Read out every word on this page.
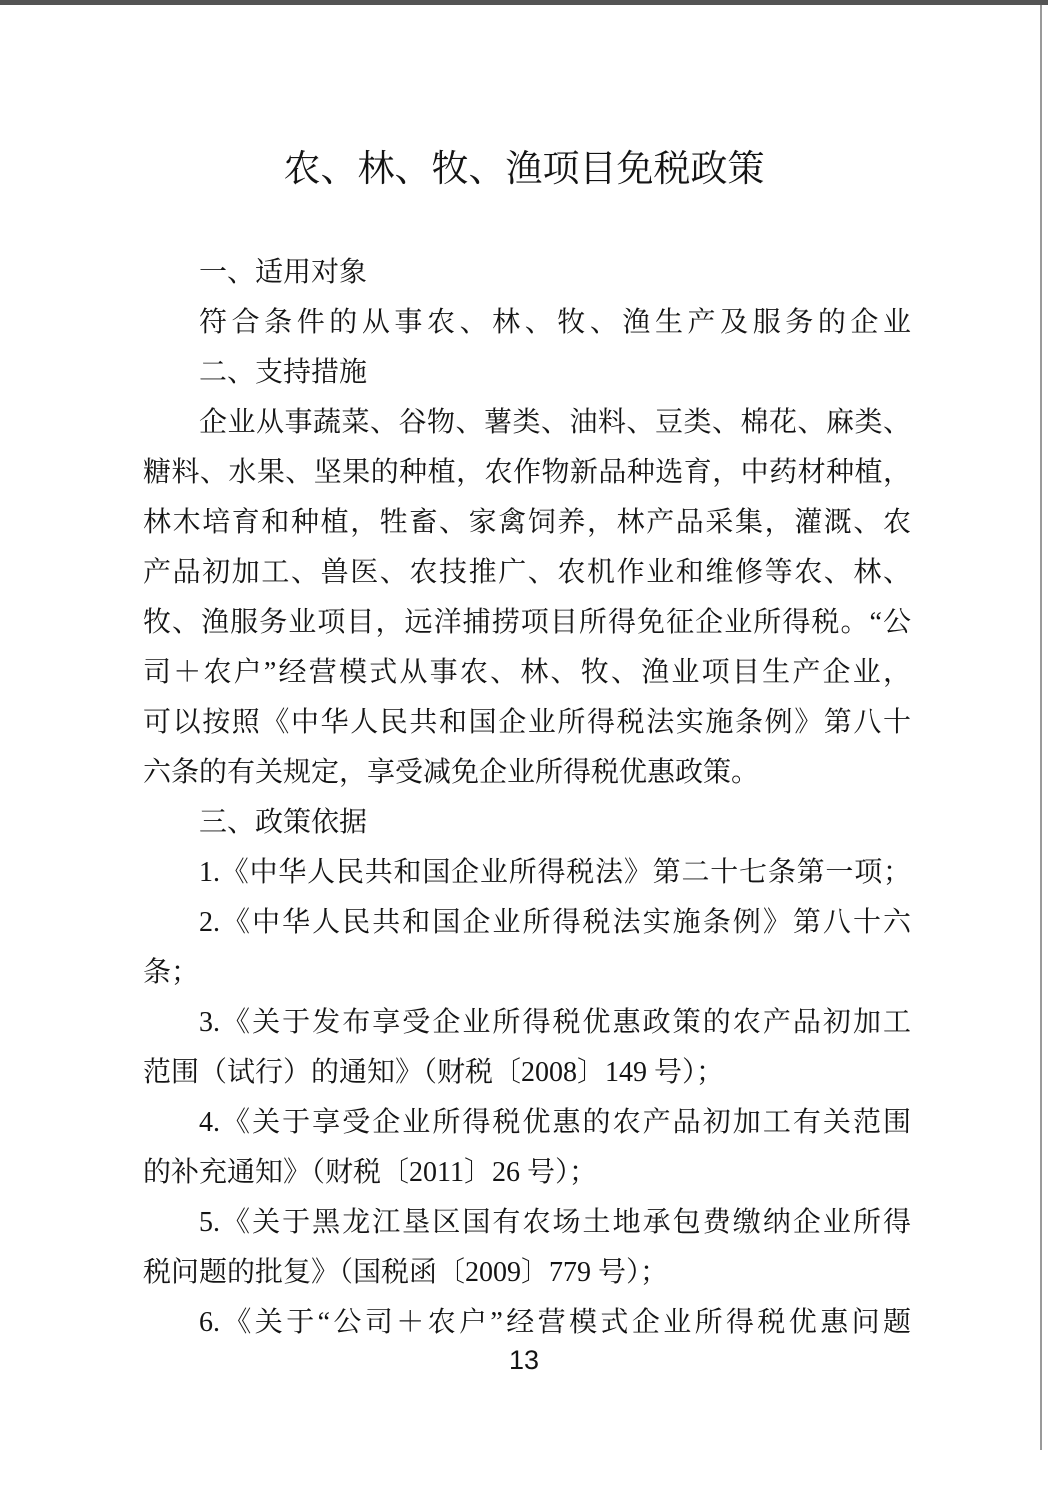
农、林、牧、渔项目免税政策
一、适用对象
符合条件的从事农、林、牧、渔生产及服务的企业
二、支持措施
企业从事蔬菜、谷物、薯类、油料、豆类、棉花、麻类、
糖料、水果、坚果的种植，农作物新品种选育，中药材种植，
林木培育和种植，牲畜、家禽饲养，林产品采集，灌溉、农
产品初加工、兽医、农技推广、农机作业和维修等农、林、
牧、渔服务业项目，远洋捕捞项目所得免征企业所得税。“公
司＋农户”经营模式从事农、林、牧、渔业项目生产企业，
可以按照《中华人民共和国企业所得税法实施条例》第八十
六条的有关规定，享受减免企业所得税优惠政策。
三、政策依据
1.《中华人民共和国企业所得税法》第二十七条第一项；
2.《中华人民共和国企业所得税法实施条例》第八十六
条；
3.《关于发布享受企业所得税优惠政策的农产品初加工
范围（试行）的通知》（财税〔2008〕149 号）；
4.《关于享受企业所得税优惠的农产品初加工有关范围
的补充通知》（财税〔2011〕26 号）；
5.《关于黑龙江垦区国有农场土地承包费缴纳企业所得
税问题的批复》（国税函〔2009〕779 号）；
6.《关于“公司＋农户”经营模式企业所得税优惠问题
13
